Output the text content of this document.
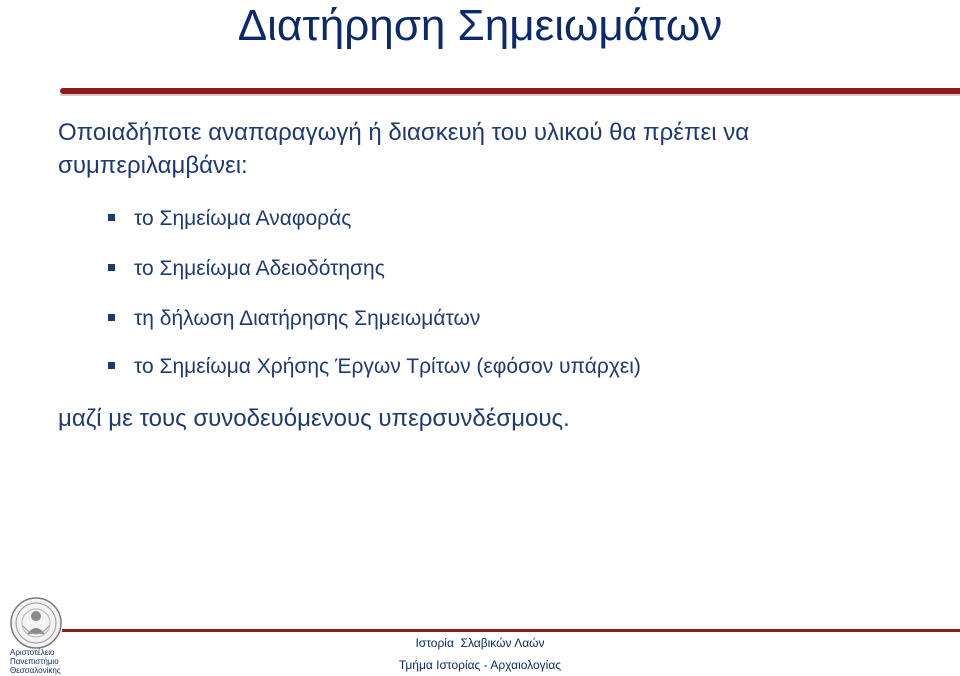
Διατήρηση Σημειωμάτων
Οποιαδήποτε αναπαραγωγή ή διασκευή του υλικού θα πρέπει να συμπεριλαμβάνει:
το Σημείωμα Αναφοράς
το Σημείωμα Αδειοδότησης
τη δήλωση Διατήρησης Σημειωμάτων
το Σημείωμα Χρήσης Έργων Τρίτων (εφόσον υπάρχει)
μαζί με τους συνοδευόμενους υπερσυνδέσμους.
Αριστοτέλειο
Πανεπιστήμιο
Θεσσαλονίκης
Ιστορία  Σλαβικών Λαών
Τμήμα Ιστορίας - Αρχαιολογίας
